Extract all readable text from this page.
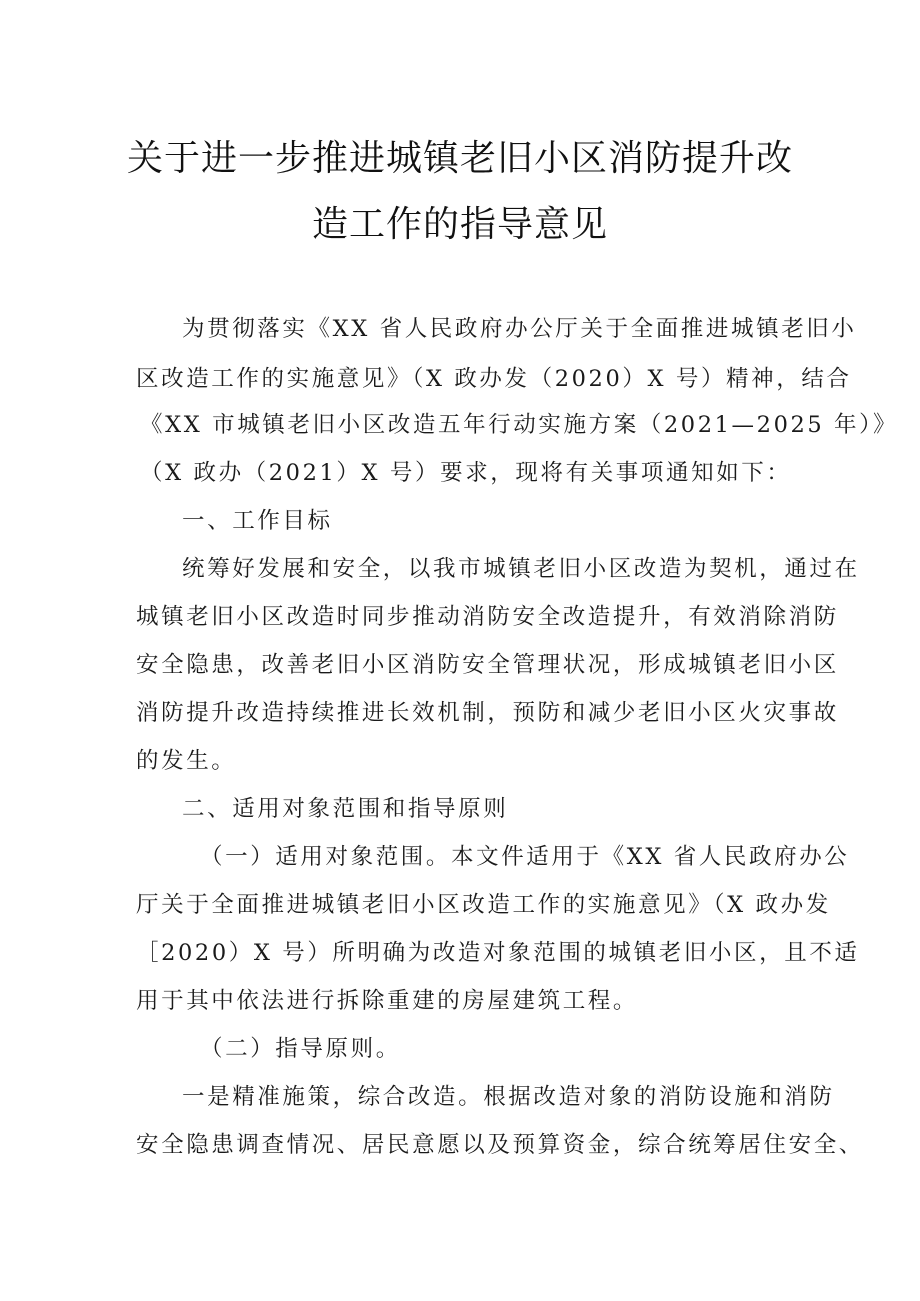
关于进一步推进城镇老旧小区消防提升改
造工作的指导意见
为贯彻落实《XX 省人民政府办公厅关于全面推进城镇老旧小
区改造工作的实施意见》（X 政办发（2020）X 号）精神，结合
《XX 市城镇老旧小区改造五年行动实施方案（2021—2025 年）》
（X 政办（2021）X 号）要求，现将有关事项通知如下：
一、工作目标
统筹好发展和安全，以我市城镇老旧小区改造为契机，通过在
城镇老旧小区改造时同步推动消防安全改造提升，有效消除消防
安全隐患，改善老旧小区消防安全管理状况，形成城镇老旧小区
消防提升改造持续推进长效机制，预防和减少老旧小区火灾事故
的发生。
二、适用对象范围和指导原则
（一）适用对象范围。本文件适用于《XX 省人民政府办公
厅关于全面推进城镇老旧小区改造工作的实施意见》（X 政办发
［2020）X 号）所明确为改造对象范围的城镇老旧小区，且不适
用于其中依法进行拆除重建的房屋建筑工程。
（二）指导原则。
一是精准施策，综合改造。根据改造对象的消防设施和消防
安全隐患调查情况、居民意愿以及预算资金，综合统筹居住安全、
